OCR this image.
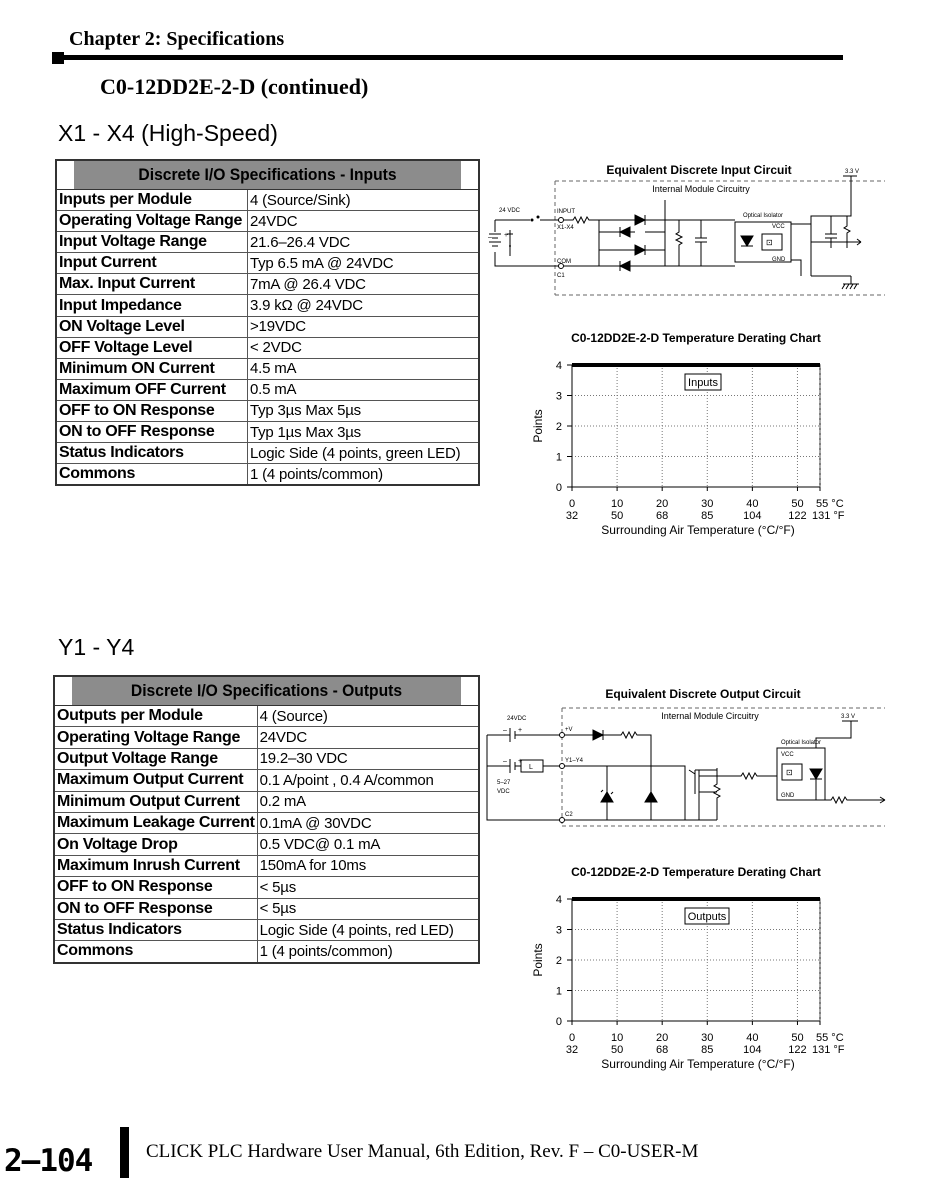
Chapter 2: Specifications
C0-12DD2E-2-D (continued)
X1 - X4 (High-Speed)
Discrete I/O Specifications - Inputs	
Inputs per Module	4 (Source/Sink)
Operating Voltage Range	24VDC
Input Voltage Range	21.6–26.4 VDC
Input Current	Typ 6.5 mA @ 24VDC
Max. Input Current	7mA @ 26.4 VDC
Input Impedance	3.9 kΩ @ 24VDC
ON Voltage Level	>19VDC
OFF Voltage Level	< 2VDC
Minimum ON Current	4.5 mA
Maximum OFF Current	0.5 mA
OFF to ON Response	Typ 3µs Max 5µs
ON to OFF Response	Typ 1µs Max 3µs
Status Indicators	Logic Side (4 points, green LED)
Commons	1 (4 points/common)
Equivalent Discrete Input Circuit
Internal Module Circuitry
24 VDC
– +
INPUT
X1-X4
COM
C1
⊡
Optical Isolator
VCC
GND
3.3 V
C0-12DD2E-2-D Temperature Derating Chart
0
1
2
3
4
0
32
10
50
20
68
30
85
40
104
50
122
55 °C
131 °F
Surrounding Air Temperature (°C/°F)
Points
Inputs
Y1 - Y4
Discrete I/O Specifications - Outputs	
Outputs per Module	4 (Source)
Operating Voltage Range	24VDC
Output Voltage Range	19.2–30 VDC
Maximum Output Current	0.1 A/point , 0.4 A/common
Minimum Output Current	0.2 mA
Maximum Leakage Current	0.1mA @ 30VDC
On Voltage Drop	0.5 VDC@ 0.1 mA
Maximum Inrush Current	150mA for 10ms
OFF to ON Response	< 5µs
ON to OFF Response	< 5µs
Status Indicators	Logic Side (4 points, red LED)
Commons	1 (4 points/common)
Equivalent Discrete Output Circuit
Internal Module Circuitry
24VDC
– +
– +
L
5–27
VDC
+V
Y1–Y4
C2
Optical Isolator
VCC
GND
⊡
3.3 V
C0-12DD2E-2-D Temperature Derating Chart
0
1
2
3
4
0
32
10
50
20
68
30
85
40
104
50
122
55 °C
131 °F
Surrounding Air Temperature (°C/°F)
Points
Outputs
2–104	CLICK PLC Hardware User Manual, 6th Edition, Rev. F – C0-USER-M
